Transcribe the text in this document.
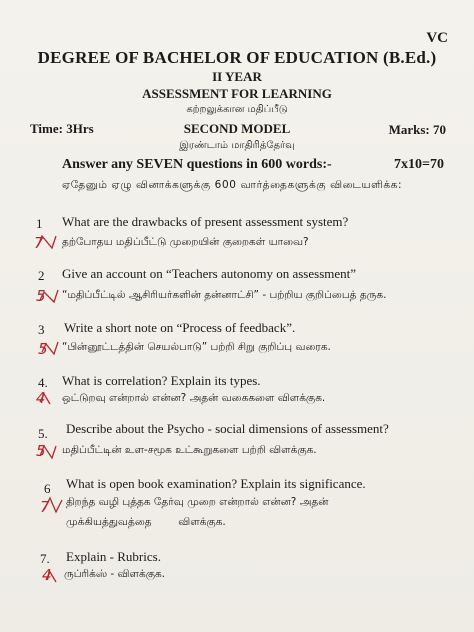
VC
DEGREE OF BACHELOR OF EDUCATION (B.Ed.)
II YEAR
ASSESSMENT FOR LEARNING
கற்றலுக்கான மதிப்பீடு
Time: 3Hrs	SECOND MODEL	Marks: 70
இரண்டாம் மாதிரித்தேர்வு
Answer any SEVEN questions in 600 words:-	7x10=70
ஏதேனும் ஏழு வினாக்களுக்கு 600 வார்த்தைகளுக்கு விடையளிக்க:
1 What are the drawbacks of present assessment system?
7 தற்போதய மதிப்பீட்டு முறையின் குறைகள் யாவை?
2 Give an account on “Teachers autonomy on assessment”
5 “மதிப்பீட்டில் ஆசிரியர்களின் தன்னாட்சி” - பற்றிய குறிப்பைத் தருக.
3 Write a short note on “Process of feedback”.
5 “பின்னூட்டத்தின் செயல்பாடு” பற்றி சிறு குறிப்பு வரைக.
4. What is correlation? Explain its types.
4 ஒட்டுறவு என்றால் என்ன? அதன் வகைகளை விளக்குக.
5. Describe about the Psycho - social dimensions of assessment?
5 மதிப்பீட்டின் உள-சமூக உட்கூறுகளை பற்றி விளக்குக.
6 What is open book examination? Explain its significance.
7 திறந்த வழி புத்தக தேர்வு முறை என்றால் என்ன? அதன்
முக்கியத்துவத்தை        விளக்குக.
7. Explain - Rubrics.
4 ருப்ரிக்ஸ் - விளக்குக.
